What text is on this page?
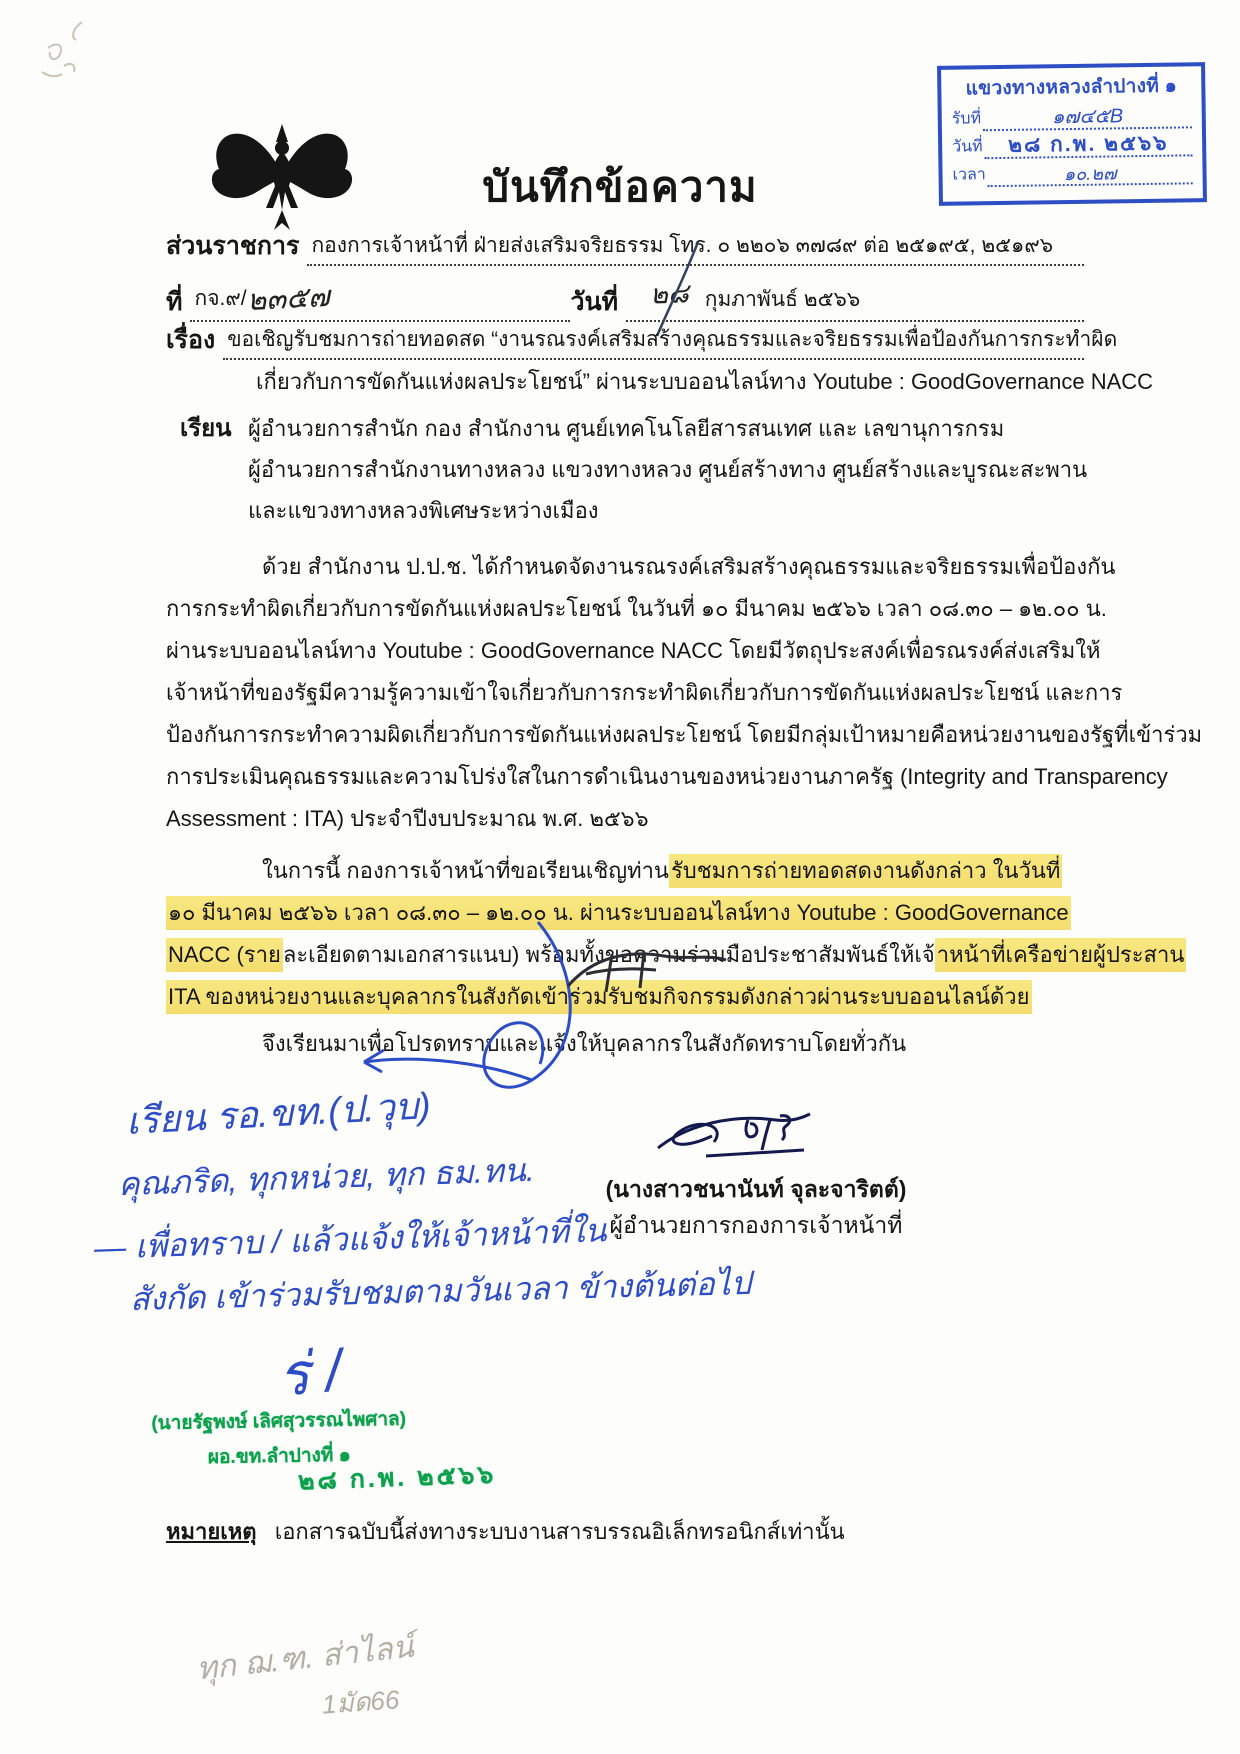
แขวงทางหลวงลำปางที่ ๑
รับที่	๑๗๔๕B
วันที่	๒๘ ก.พ. ๒๕๖๖
เวลา	๑๐.๒๗
บันทึกข้อความ
ส่วนราชการ กองการเจ้าหน้าที่ ฝ่ายส่งเสริมจริยธรรม โทร. ๐ ๒๒๐๖ ๓๗๘๙ ต่อ ๒๕๑๙๕, ๒๕๑๙๖
ที่ กจ.๙/๒๓๕๗	วันที่	๒๘ กุมภาพันธ์ ๒๕๖๖
เรื่อง ขอเชิญรับชมการถ่ายทอดสด “งานรณรงค์เสริมสร้างคุณธรรมและจริยธรรมเพื่อป้องกันการกระทำผิด
เกี่ยวกับการขัดกันแห่งผลประโยชน์” ผ่านระบบออนไลน์ทาง Youtube : GoodGovernance NACC
เรียน ผู้อำนวยการสำนัก กอง สำนักงาน ศูนย์เทคโนโลยีสารสนเทศ และ เลขานุการกรม
ผู้อำนวยการสำนักงานทางหลวง แขวงทางหลวง ศูนย์สร้างทาง ศูนย์สร้างและบูรณะสะพาน
และแขวงทางหลวงพิเศษระหว่างเมือง
ด้วย สำนักงาน ป.ป.ช. ได้กำหนดจัดงานรณรงค์เสริมสร้างคุณธรรมและจริยธรรมเพื่อป้องกัน
การกระทำผิดเกี่ยวกับการขัดกันแห่งผลประโยชน์ ในวันที่ ๑๐ มีนาคม ๒๕๖๖ เวลา ๐๘.๓๐ – ๑๒.๐๐ น.
ผ่านระบบออนไลน์ทาง Youtube : GoodGovernance NACC โดยมีวัตถุประสงค์เพื่อรณรงค์ส่งเสริมให้
เจ้าหน้าที่ของรัฐมีความรู้ความเข้าใจเกี่ยวกับการกระทำผิดเกี่ยวกับการขัดกันแห่งผลประโยชน์ และการ
ป้องกันการกระทำความผิดเกี่ยวกับการขัดกันแห่งผลประโยชน์ โดยมีกลุ่มเป้าหมายคือหน่วยงานของรัฐที่เข้าร่วม
การประเมินคุณธรรมและความโปร่งใสในการดำเนินงานของหน่วยงานภาครัฐ (Integrity and Transparency
Assessment : ITA) ประจำปีงบประมาณ พ.ศ. ๒๕๖๖
ในการนี้ กองการเจ้าหน้าที่ขอเรียนเชิญท่านรับชมการถ่ายทอดสดงานดังกล่าว ในวันที่
๑๐ มีนาคม ๒๕๖๖ เวลา ๐๘.๓๐ – ๑๒.๐๐ น. ผ่านระบบออนไลน์ทาง Youtube : GoodGovernance
NACC (รายละเอียดตามเอกสารแนบ) พร้อมทั้งขอความร่วมมือประชาสัมพันธ์ให้เจ้าหน้าที่เครือข่ายผู้ประสาน
ITA ของหน่วยงานและบุคลากรในสังกัดเข้าร่วมรับชมกิจกรรมดังกล่าวผ่านระบบออนไลน์ด้วย
จึงเรียนมาเพื่อโปรดทราบและแจ้งให้บุคลากรในสังกัดทราบโดยทั่วกัน
(นางสาวชนานันท์ จุละจาริตต์)
ผู้อำนวยการกองการเจ้าหน้าที่
เรียน รอ.ขท.(ป.วุบ)
คุณภริด, ทุกหน่วย, ทุก ธม.ทน.
— เพื่อทราบ / แล้วแจ้งให้เจ้าหน้าที่ใน
สังกัด เข้าร่วมรับชมตามวันเวลา ข้างต้นต่อไป
ร่ /
(นายรัฐพงษ์ เลิศสุวรรณไพศาล)
ผอ.ขท.ลำปางที่ ๑
๒๘ ก.พ. ๒๕๖๖
หมายเหตุ เอกสารฉบับนี้ส่งทางระบบงานสารบรรณอิเล็กทรอนิกส์เท่านั้น
ทุก ฌ.ฑ. ส่าไลน์
1มัด66
